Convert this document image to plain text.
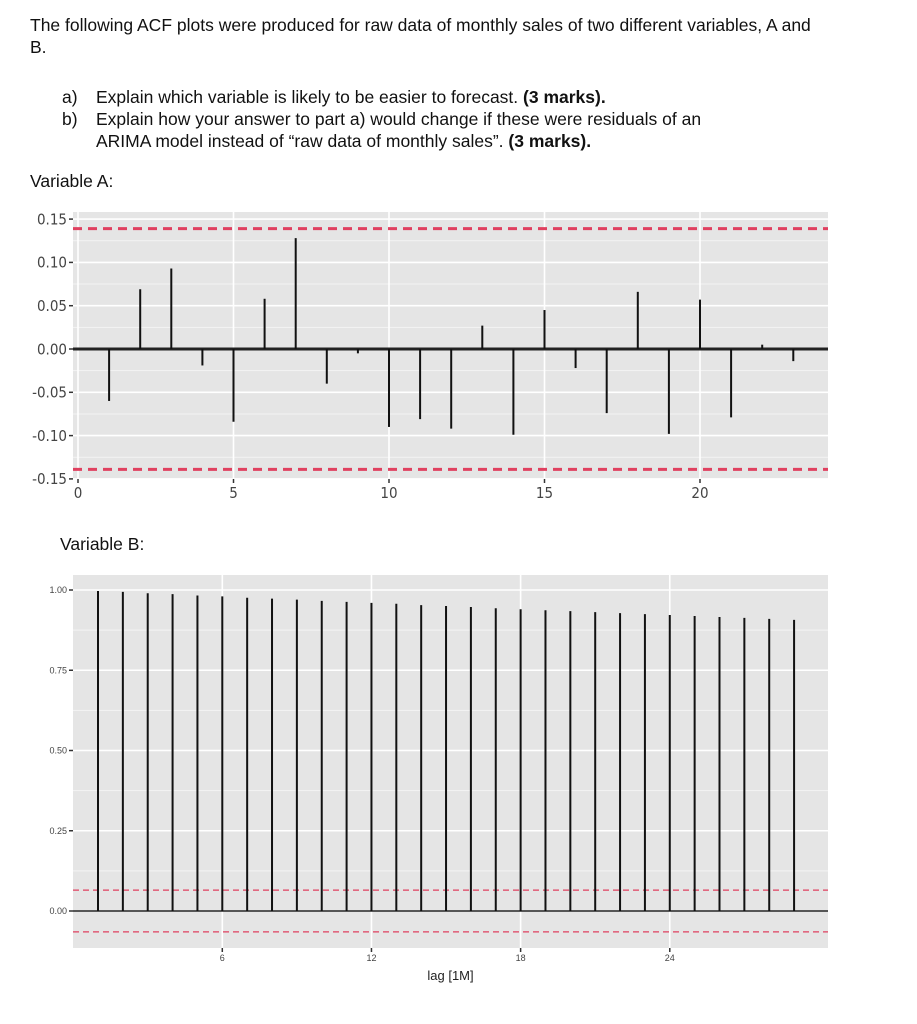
The following ACF plots were produced for raw data of monthly sales of two different variables, A and B.
a) Explain which variable is likely to be easier to forecast. (3 marks).
b) Explain how your answer to part a) would change if these were residuals of an
ARIMA model instead of “raw data of monthly sales”. (3 marks).
Variable A:
0.15
0.10
0.05
0.00
-0.05
-0.10
-0.15
0	5	10	15	20
Variable B:
1.00
0.75
0.50
0.25
0.00
6	12	18	24
lag [1M]
